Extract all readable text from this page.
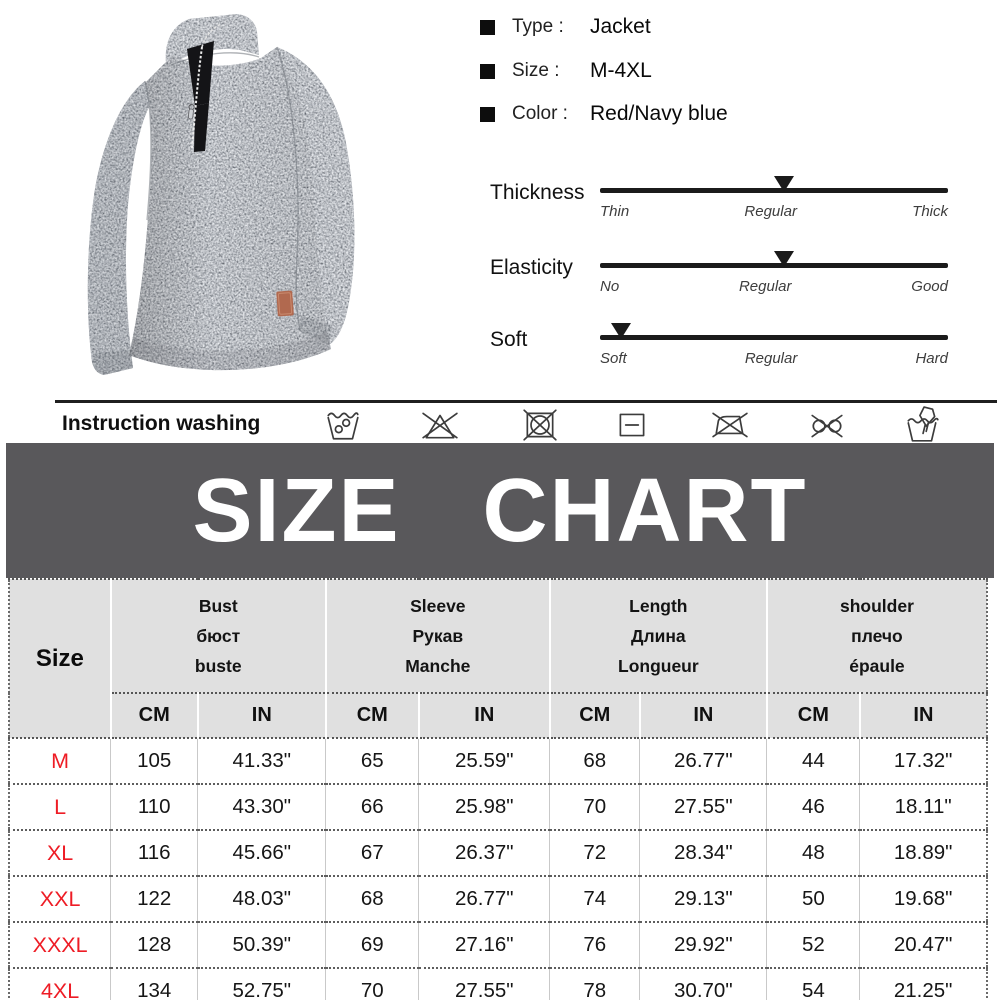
Type :	Jacket
Size :	M-4XL
Color :	Red/Navy blue
Thickness
Thin	Regular	Thick
Elasticity
No	Regular	Good
Soft
Soft	Regular	Hard
Instruction washing
SIZE CHART
Size	
Bust
бюст
buste

Sleeve
Рукав
Manche

Length
Длина
Longueur

shoulder
плечо
épaule

	CM	IN	CM	IN	CM	IN	CM	IN
M	105	41.33"	65	25.59"	68	26.77"	44	17.32"
L	110	43.30"	66	25.98"	70	27.55"	46	18.11"
XL	116	45.66"	67	26.37"	72	28.34"	48	18.89"
XXL	122	48.03"	68	26.77"	74	29.13"	50	19.68"
XXXL	128	50.39"	69	27.16"	76	29.92"	52	20.47"
4XL	134	52.75"	70	27.55"	78	30.70"	54	21.25"
